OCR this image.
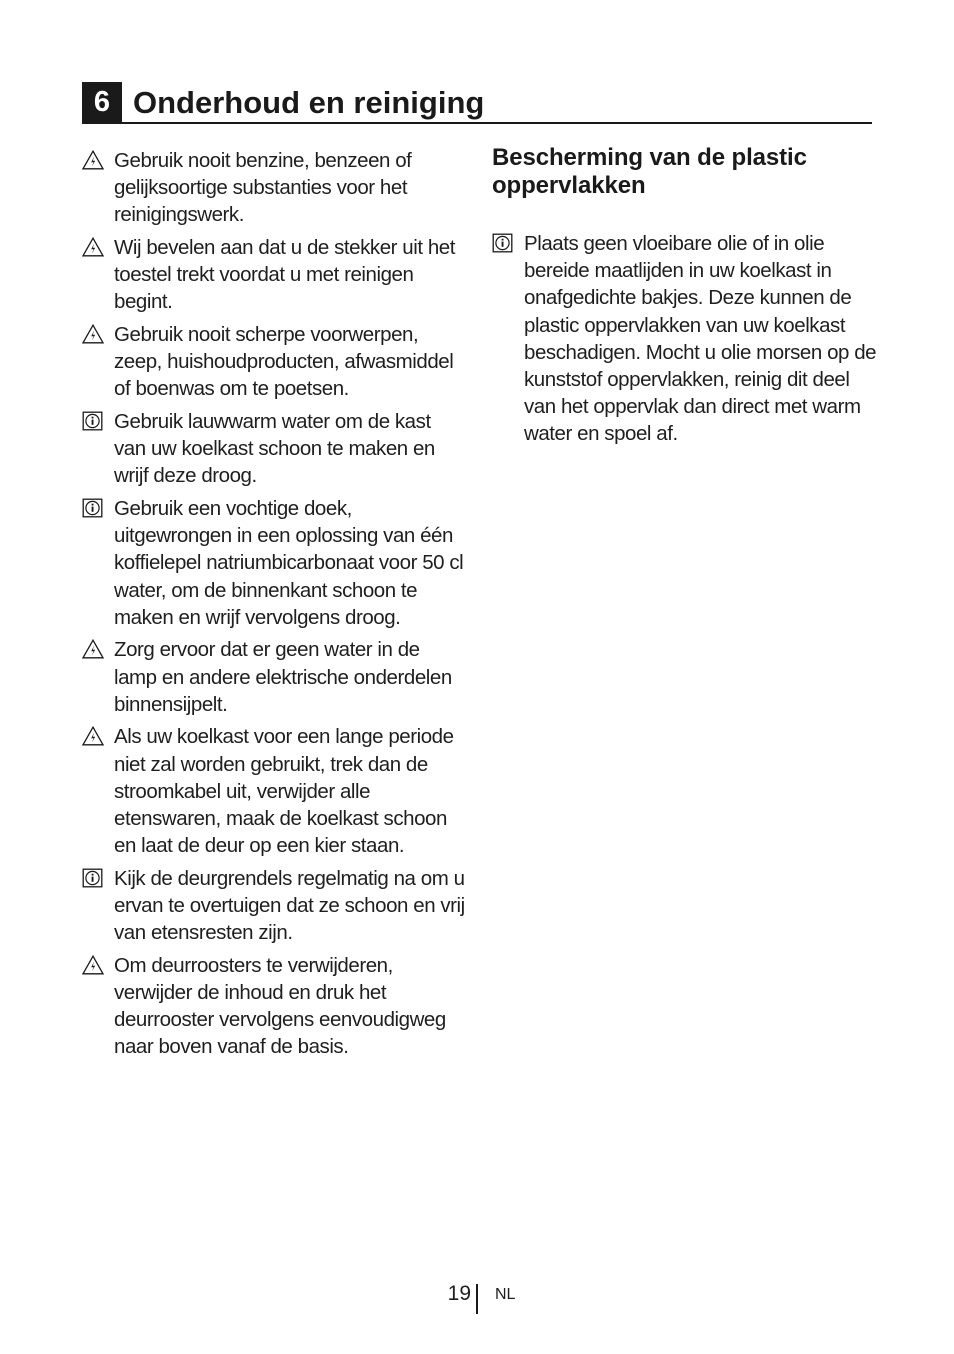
6 Onderhoud en reiniging
Gebruik nooit benzine, benzeen of gelijksoortige substanties voor het reinigingswerk.
Wij bevelen aan dat u de stekker uit het toestel trekt voordat u met reinigen begint.
Gebruik nooit scherpe voorwerpen, zeep, huishoudproducten, afwasmiddel of boenwas om te poetsen.
Gebruik lauwwarm water om de kast van uw koelkast schoon te maken en wrijf deze droog.
Gebruik een vochtige doek, uitgewrongen in een oplossing van één koffielepel natriumbicarbonaat voor 50 cl water, om de binnenkant schoon te maken en wrijf vervolgens droog.
Zorg ervoor dat er geen water in de lamp en andere elektrische onderdelen binnensijpelt.
Als uw koelkast voor een lange periode niet zal worden gebruikt, trek dan de stroomkabel uit, verwijder alle etenswaren, maak de koelkast schoon en laat de deur op een kier staan.
Kijk de deurgrendels regelmatig na om u ervan te overtuigen dat ze schoon en vrij van etensresten zijn.
Om deurroosters te verwijderen, verwijder de inhoud en druk het deurrooster vervolgens eenvoudigweg naar boven vanaf de basis.
Bescherming van de plastic oppervlakken
Plaats geen vloeibare olie of in olie bereide maatlijden in uw koelkast in onafgedichte bakjes. Deze kunnen de plastic oppervlakken van uw koelkast beschadigen. Mocht u olie morsen op de kunststof oppervlakken, reinig dit deel van het oppervlak dan direct met warm water en spoel af.
19 NL
